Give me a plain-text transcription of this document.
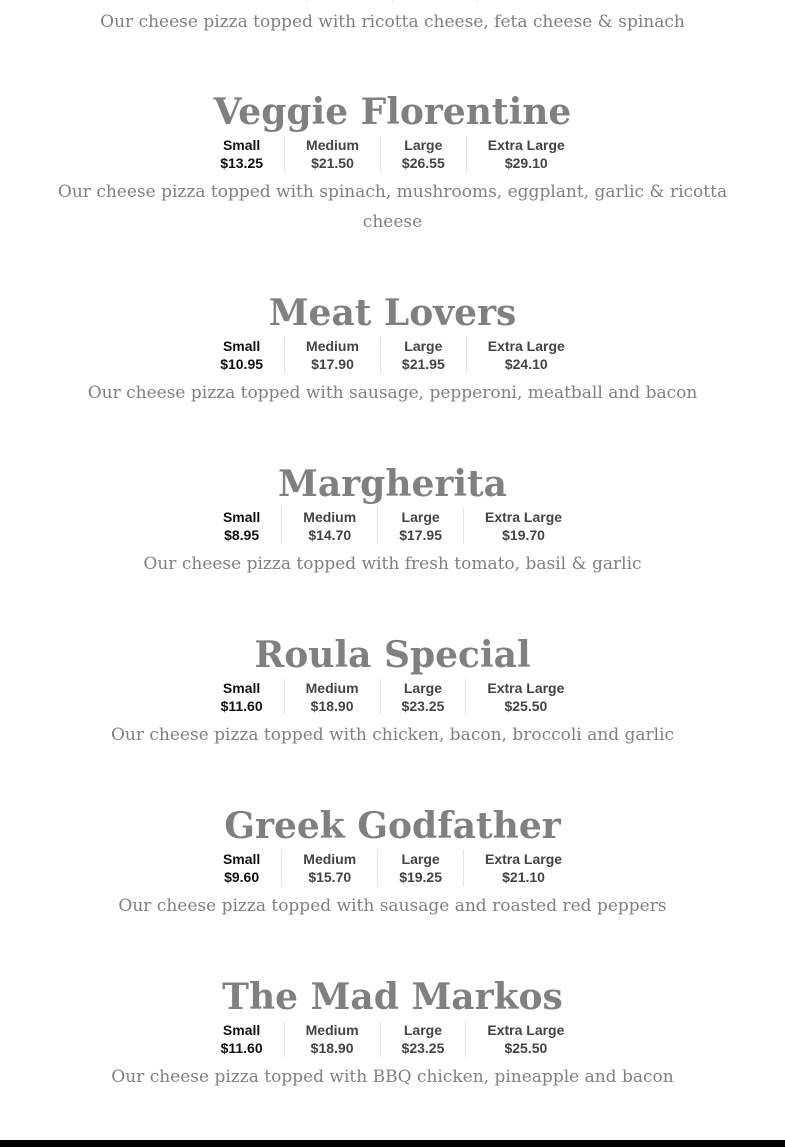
Our cheese pizza topped with ricotta cheese, feta cheese & spinach

Veggie Florentine
Small
$13.25
Medium
$21.50
Large
$26.55
Extra Large
$29.10

Our cheese pizza topped with spinach, mushrooms, eggplant, garlic & ricotta cheese

Meat Lovers
Small
$10.95
Medium
$17.90
Large
$21.95
Extra Large
$24.10

Our cheese pizza topped with sausage, pepperoni, meatball and bacon

Margherita
Small
$8.95
Medium
$14.70
Large
$17.95
Extra Large
$19.70

Our cheese pizza topped with fresh tomato, basil & garlic

Roula Special
Small
$11.60
Medium
$18.90
Large
$23.25
Extra Large
$25.50

Our cheese pizza topped with chicken, bacon, broccoli and garlic

Greek Godfather
Small
$9.60
Medium
$15.70
Large
$19.25
Extra Large
$21.10

Our cheese pizza topped with sausage and roasted red peppers

The Mad Markos
Small
$11.60
Medium
$18.90
Large
$23.25
Extra Large
$25.50

Our cheese pizza topped with BBQ chicken, pineapple and bacon
